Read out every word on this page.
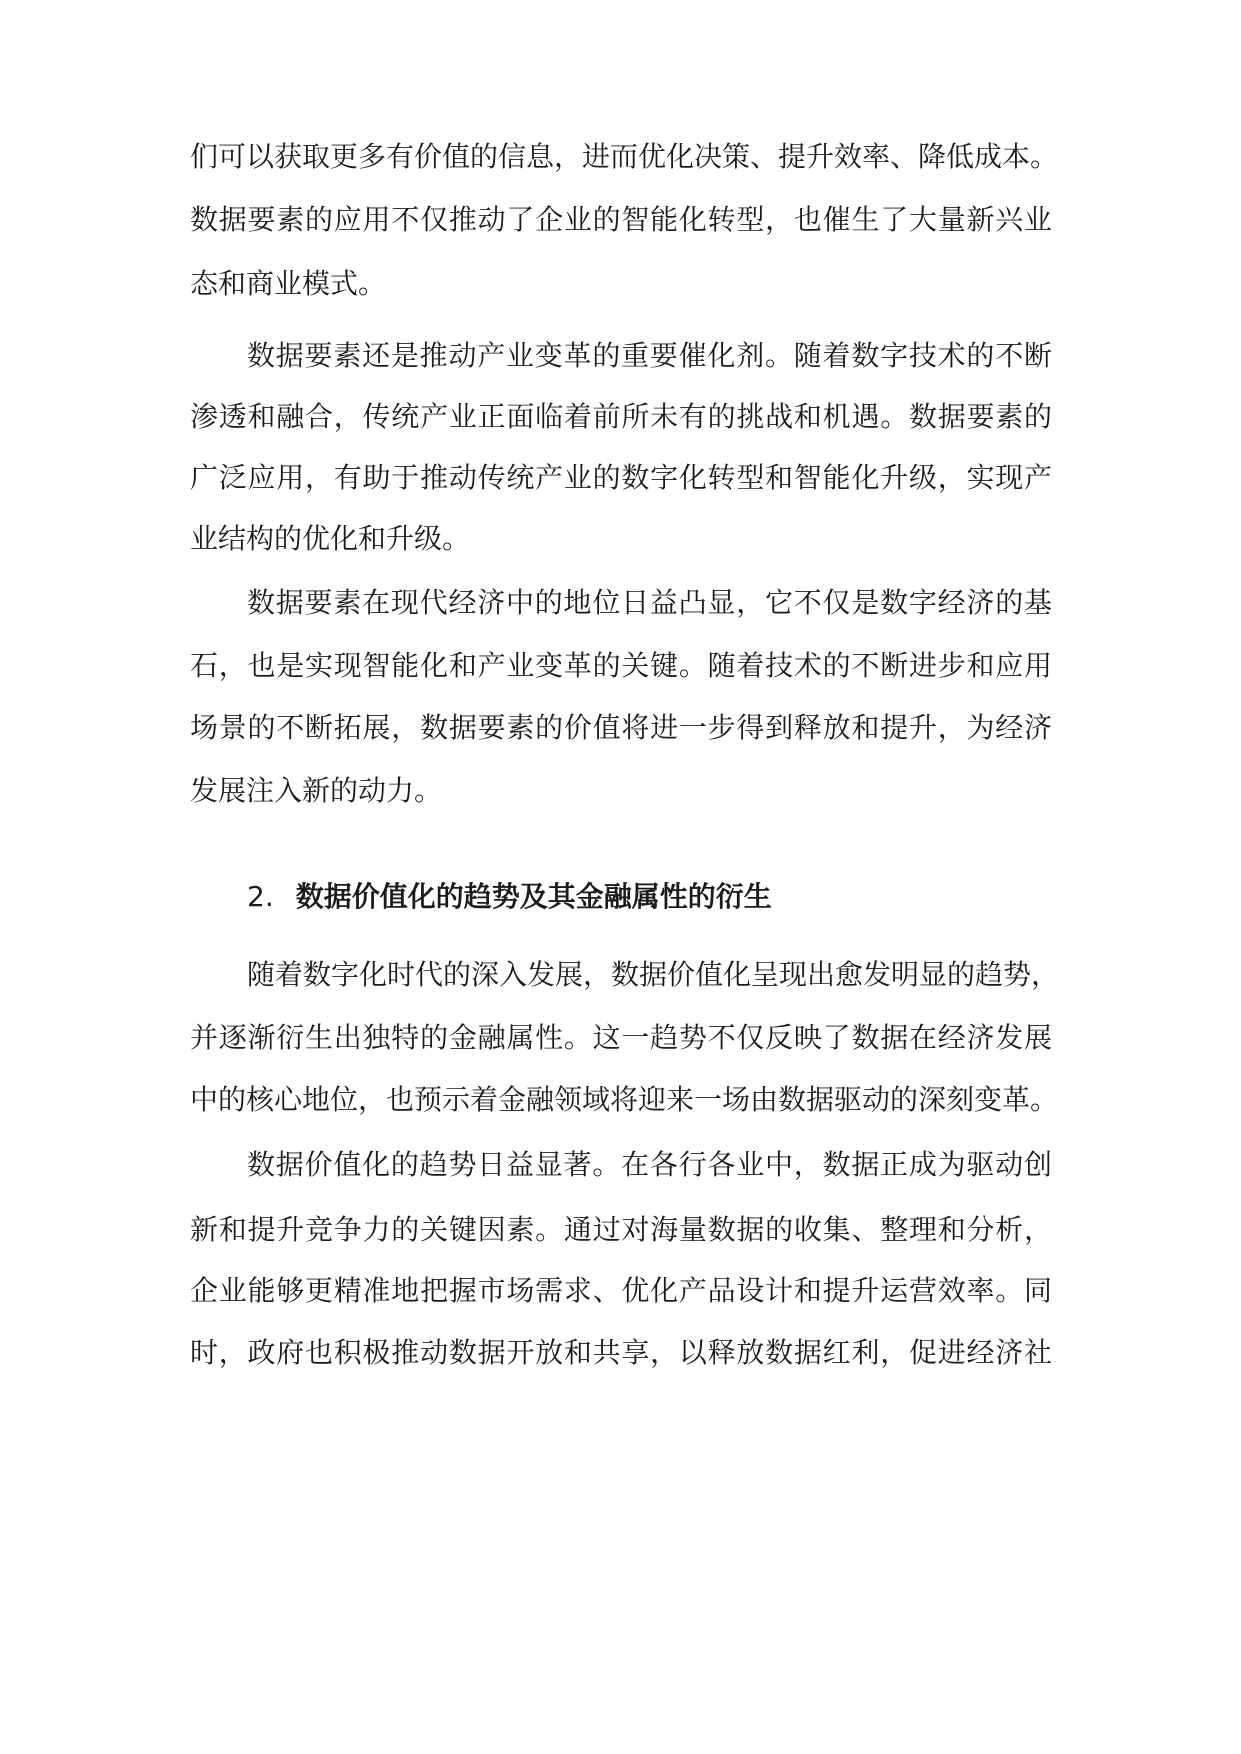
们可以获取更多有价值的信息，进而优化决策、提升效率、降低成本。
数据要素的应用不仅推动了企业的智能化转型，也催生了大量新兴业
态和商业模式。
数据要素还是推动产业变革的重要催化剂。随着数字技术的不断
渗透和融合，传统产业正面临着前所未有的挑战和机遇。数据要素的
广泛应用，有助于推动传统产业的数字化转型和智能化升级，实现产
业结构的优化和升级。
数据要素在现代经济中的地位日益凸显，它不仅是数字经济的基
石，也是实现智能化和产业变革的关键。随着技术的不断进步和应用
场景的不断拓展，数据要素的价值将进一步得到释放和提升，为经济
发展注入新的动力。
2. 数据价值化的趋势及其金融属性的衍生
随着数字化时代的深入发展，数据价值化呈现出愈发明显的趋势，
并逐渐衍生出独特的金融属性。这一趋势不仅反映了数据在经济发展
中的核心地位，也预示着金融领域将迎来一场由数据驱动的深刻变革。
数据价值化的趋势日益显著。在各行各业中，数据正成为驱动创
新和提升竞争力的关键因素。通过对海量数据的收集、整理和分析，
企业能够更精准地把握市场需求、优化产品设计和提升运营效率。同
时，政府也积极推动数据开放和共享，以释放数据红利，促进经济社
